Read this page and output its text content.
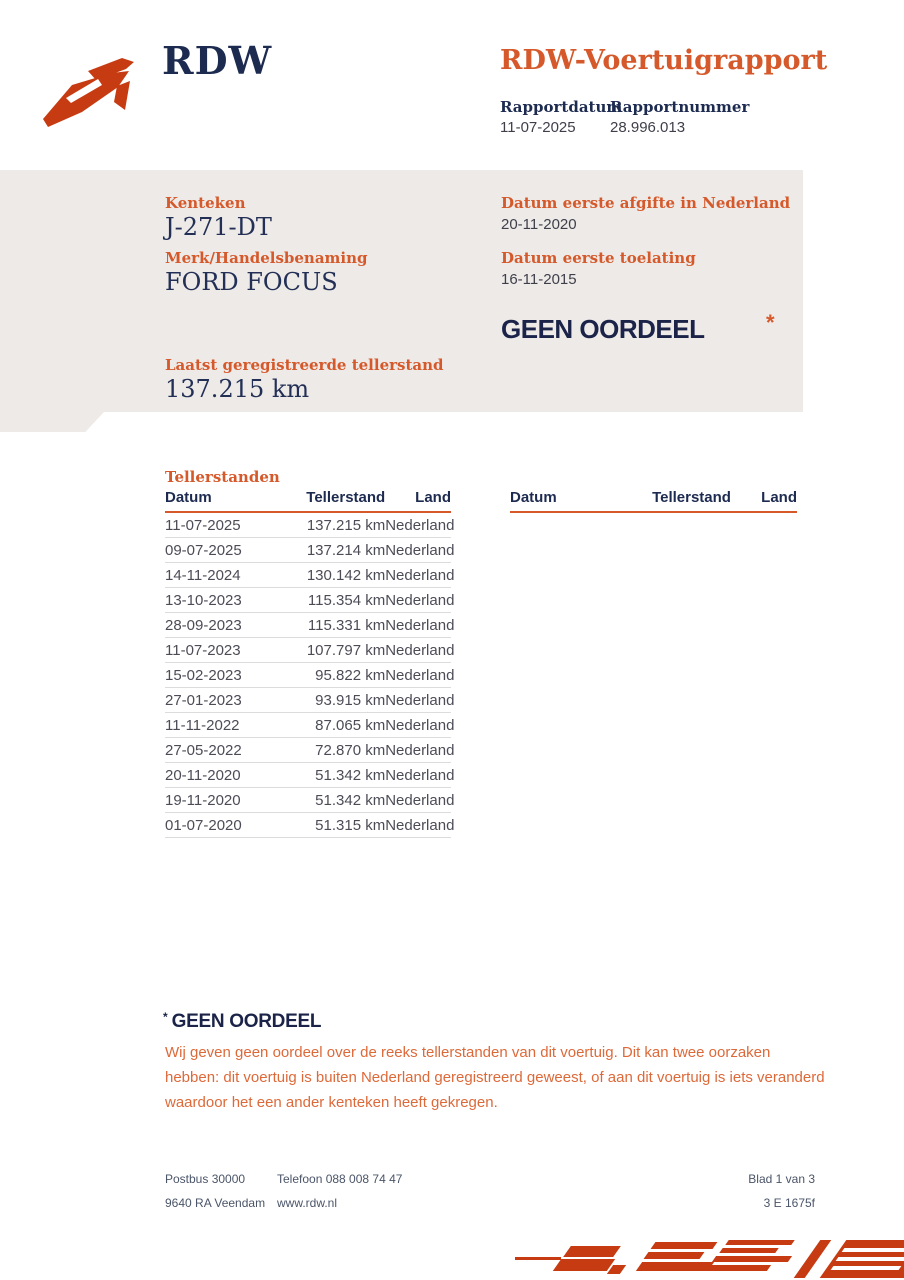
RDW	RDW-Voertuigrapport
Rapportdatum
Rapportnummer
11-07-2025 28.996.013
Kenteken
J-271-DT
Merk/Handelsbenaming
FORD FOCUS
Laatst geregistreerde tellerstand
137.215 km
Datum eerste afgifte in Nederland
20-11-2020
Datum eerste toelating
16-11-2015
GEEN OORDEEL	*
Tellerstanden
Datum	Tellerstand	Land
11-07-2025	137.215 km	Nederland
09-07-2025	137.214 km	Nederland
14-11-2024	130.142 km	Nederland
13-10-2023	115.354 km	Nederland
28-09-2023	115.331 km	Nederland
11-07-2023	107.797 km	Nederland
15-02-2023	95.822 km	Nederland
27-01-2023	93.915 km	Nederland
11-11-2022	87.065 km	Nederland
27-05-2022	72.870 km	Nederland
20-11-2020	51.342 km	Nederland
19-11-2020	51.342 km	Nederland
01-07-2020	51.315 km	Nederland
Datum	Tellerstand	Land
* GEEN OORDEEL
Wij geven geen oordeel over de reeks tellerstanden van dit voertuig. Dit kan twee oorzaken hebben: dit voertuig is buiten Nederland geregistreerd geweest, of aan dit voertuig is iets veranderd waardoor het een ander kenteken heeft gekregen.
Postbus 30000	Telefoon 088 008 74 47	Blad 1 van 3
9640 RA Veendam www.rdw.nl	3 E 1675f
